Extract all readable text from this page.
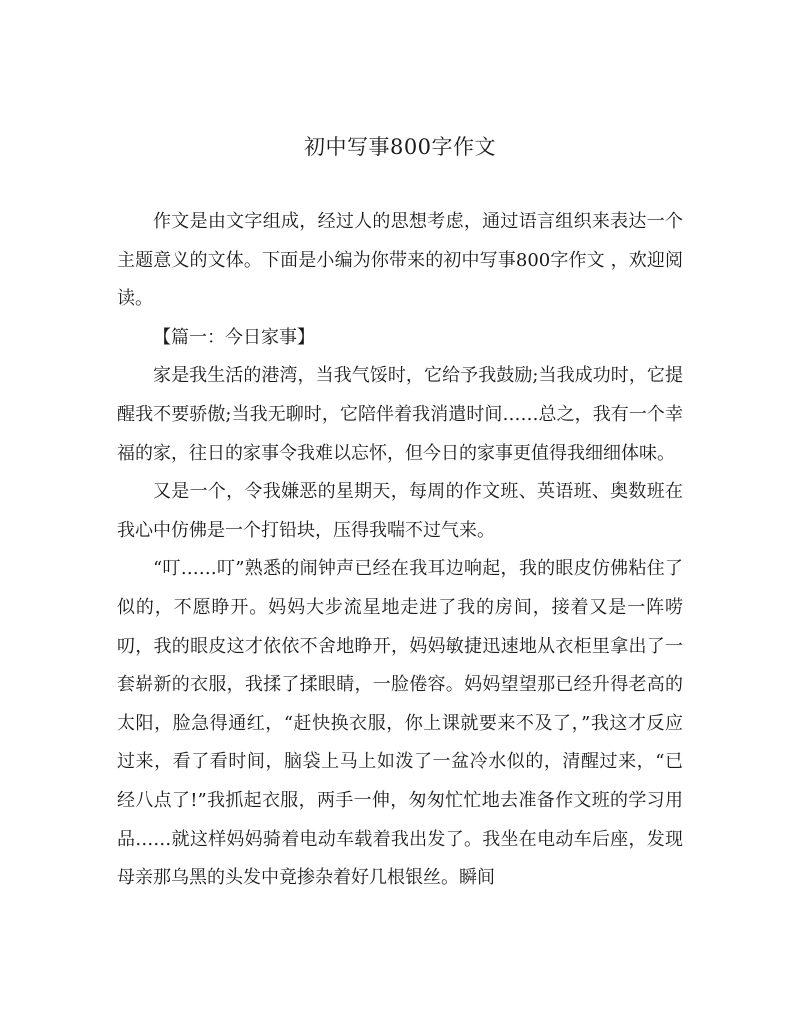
初中写事800字作文

作文是由文字组成，经过人的思想考虑，通过语言组织来表达一个主题意义的文体。下面是小编为你带来的初中写事800字作文 ，欢迎阅读。

【篇一：今日家事】

家是我生活的港湾，当我气馁时，它给予我鼓励;当我成功时，它提醒我不要骄傲;当我无聊时，它陪伴着我消遣时间……总之，我有一个幸福的家，往日的家事令我难以忘怀，但今日的家事更值得我细细体味。

又是一个，令我嫌恶的星期天，每周的作文班、英语班、奥数班在我心中仿佛是一个打铅块，压得我喘不过气来。

“叮……叮”熟悉的闹钟声已经在我耳边响起，我的眼皮仿佛粘住了似的，不愿睁开。妈妈大步流星地走进了我的房间，接着又是一阵唠叨，我的眼皮这才依依不舍地睁开，妈妈敏捷迅速地从衣柜里拿出了一套崭新的衣服，我揉了揉眼睛，一脸倦容。妈妈望望那已经升得老高的太阳，脸急得通红，“赶快换衣服，你上课就要来不及了，”我这才反应过来，看了看时间，脑袋上马上如泼了一盆冷水似的，清醒过来，“已经八点了!”我抓起衣服，两手一伸，匆匆忙忙地去准备作文班的学习用品……就这样妈妈骑着电动车载着我出发了。我坐在电动车后座，发现母亲那乌黑的头发中竟掺杂着好几根银丝。瞬间
